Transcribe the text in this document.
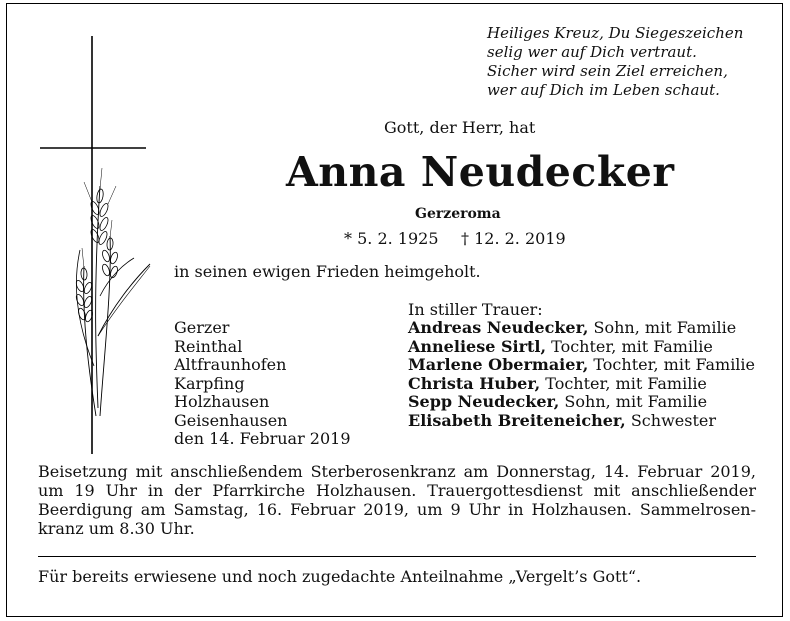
Heiliges Kreuz, Du Siegeszeichen
selig wer auf Dich vertraut.
Sicher wird sein Ziel erreichen,
wer auf Dich im Leben schaut.
Gott, der Herr, hat
Anna Neudecker
Gerzeroma
* 5. 2. 1925 † 12. 2. 2019
in seinen ewigen Frieden heimgeholt.
In stiller Trauer:
Gerzer
Reinthal
Altfraunhofen
Karpfing
Holzhausen
Geisenhausen
den 14. Februar 2019
Andreas Neudecker, Sohn, mit Familie
Anneliese Sirtl, Tochter, mit Familie
Marlene Obermaier, Tochter, mit Familie
Christa Huber, Tochter, mit Familie
Sepp Neudecker, Sohn, mit Familie
Elisabeth Breiteneicher, Schwester
Beisetzung mit anschließendem Sterberosenkranz am Donnerstag, 14. Februar 2019, um 19 Uhr in der Pfarrkirche Holzhausen. Trauergottesdienst mit anschließender Beerdigung am Samstag, 16. Februar 2019, um 9 Uhr in Holzhausen. Sammelrosen-kranz um 8.30 Uhr.
Für bereits erwiesene und noch zugedachte Anteilnahme „Vergelt’s Gott“.
